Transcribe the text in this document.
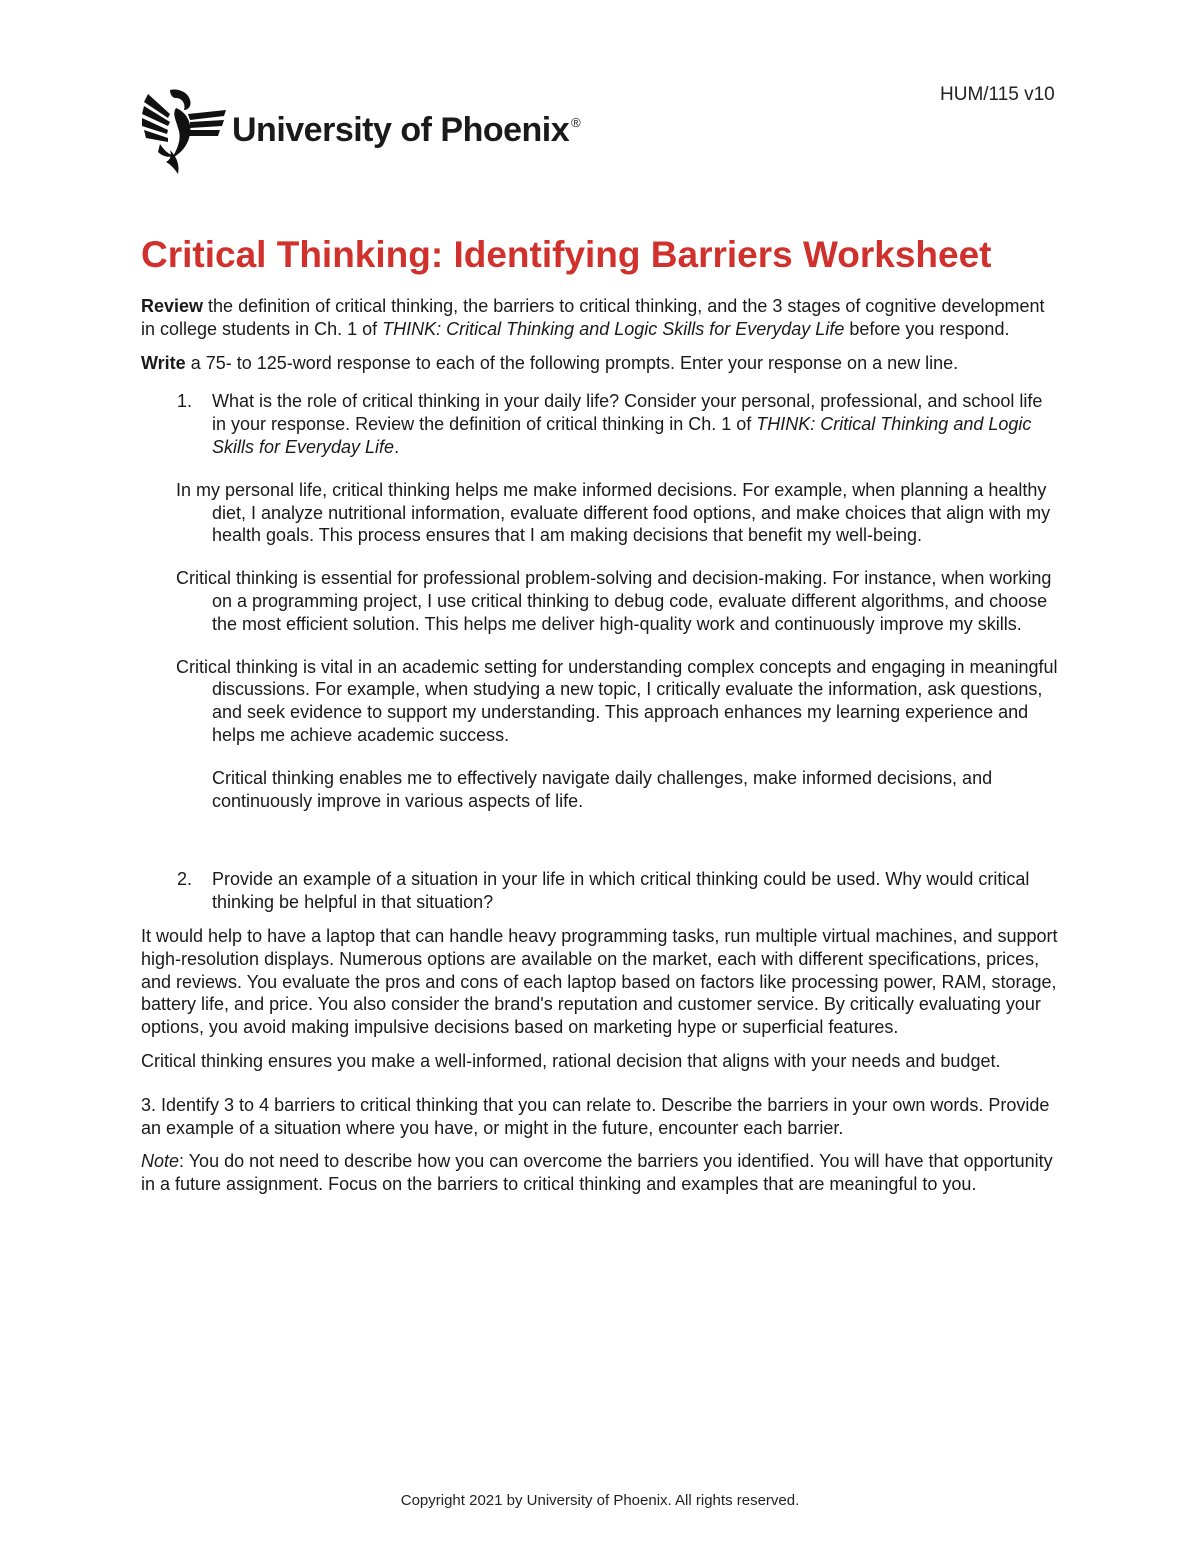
HUM/115 v10
University of Phoenix ®
Critical Thinking: Identifying Barriers Worksheet

Review the definition of critical thinking, the barriers to critical thinking, and the 3 stages of cognitive development in college students in Ch. 1 of THINK: Critical Thinking and Logic Skills for Everyday Life before you respond.

Write a 75- to 125-word response to each of the following prompts. Enter your response on a new line.

1.	What is the role of critical thinking in your daily life? Consider your personal, professional, and school life in your response. Review the definition of critical thinking in Ch. 1 of THINK: Critical Thinking and Logic Skills for Everyday Life.

In my personal life, critical thinking helps me make informed decisions. For example, when planning a healthy diet, I analyze nutritional information, evaluate different food options, and make choices that align with my health goals. This process ensures that I am making decisions that benefit my well-being.

Critical thinking is essential for professional problem-solving and decision-making. For instance, when working on a programming project, I use critical thinking to debug code, evaluate different algorithms, and choose the most efficient solution. This helps me deliver high-quality work and continuously improve my skills.

Critical thinking is vital in an academic setting for understanding complex concepts and engaging in meaningful discussions. For example, when studying a new topic, I critically evaluate the information, ask questions, and seek evidence to support my understanding. This approach enhances my learning experience and helps me achieve academic success.

Critical thinking enables me to effectively navigate daily challenges, make informed decisions, and continuously improve in various aspects of life.

2.	Provide an example of a situation in your life in which critical thinking could be used. Why would critical thinking be helpful in that situation?

It would help to have a laptop that can handle heavy programming tasks, run multiple virtual machines, and support high-resolution displays. Numerous options are available on the market, each with different specifications, prices, and reviews. You evaluate the pros and cons of each laptop based on factors like processing power, RAM, storage, battery life, and price. You also consider the brand's reputation and customer service. By critically evaluating your options, you avoid making impulsive decisions based on marketing hype or superficial features.

Critical thinking ensures you make a well-informed, rational decision that aligns with your needs and budget.

3. Identify 3 to 4 barriers to critical thinking that you can relate to. Describe the barriers in your own words. Provide an example of a situation where you have, or might in the future, encounter each barrier.

Note: You do not need to describe how you can overcome the barriers you identified. You will have that opportunity in a future assignment. Focus on the barriers to critical thinking and examples that are meaningful to you.

Copyright 2021 by University of Phoenix. All rights reserved.
